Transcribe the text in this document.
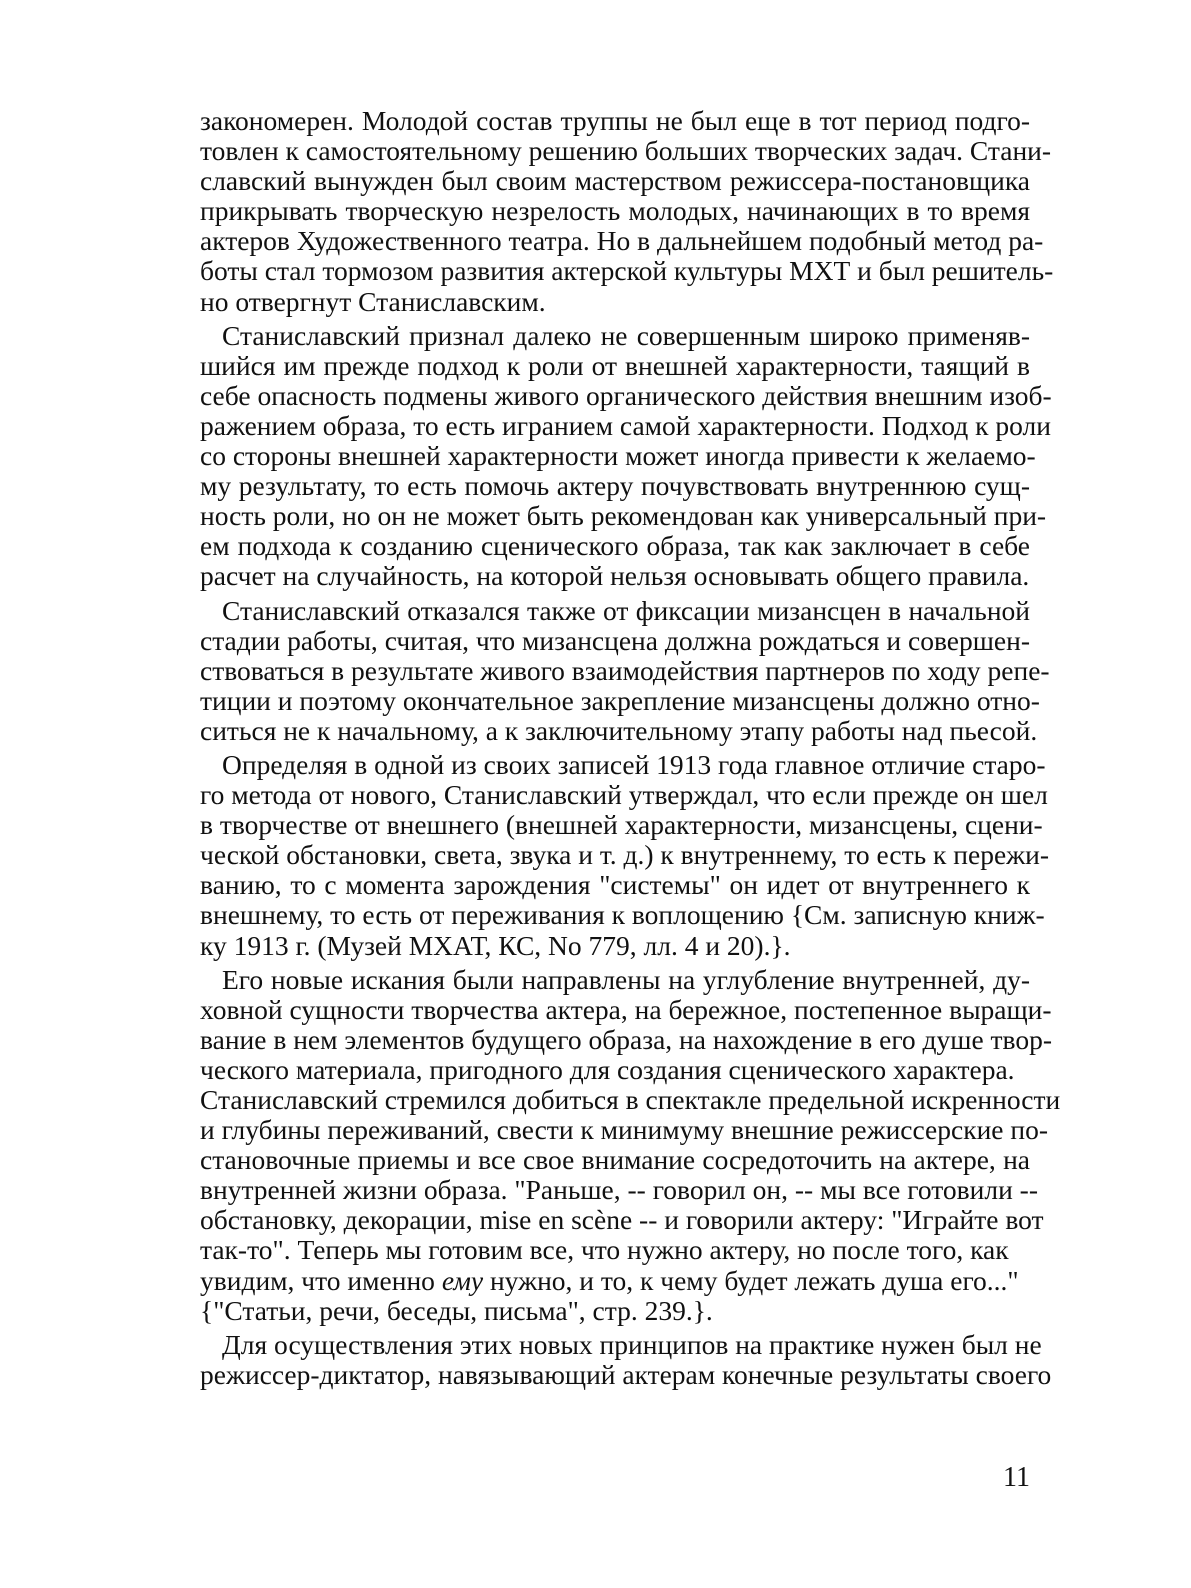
закономерен. Молодой состав труппы не был еще в тот период подго-
товлен к самостоятельному решению больших творческих задач. Стани-
славский вынужден был своим мастерством режиссера-постановщика
прикрывать творческую незрелость молодых, начинающих в то время
актеров Художественного театра. Но в дальнейшем подобный метод ра-
боты стал тормозом развития актерской культуры МХТ и был решитель-
но отвергнут Станиславским.
Станиславский признал далеко не совершенным широко применяв-
шийся им прежде подход к роли от внешней характерности, таящий в
себе опасность подмены живого органического действия внешним изоб-
ражением образа, то есть игранием самой характерности. Подход к роли
со стороны внешней характерности может иногда привести к желаемо-
му результату, то есть помочь актеру почувствовать внутреннюю сущ-
ность роли, но он не может быть рекомендован как универсальный при-
ем подхода к созданию сценического образа, так как заключает в себе
расчет на случайность, на которой нельзя основывать общего правила.
Станиславский отказался также от фиксации мизансцен в начальной
стадии работы, считая, что мизансцена должна рождаться и совершен-
ствоваться в результате живого взаимодействия партнеров по ходу репе-
тиции и поэтому окончательное закрепление мизансцены должно отно-
ситься не к начальному, а к заключительному этапу работы над пьесой.
Определяя в одной из своих записей 1913 года главное отличие старо-
го метода от нового, Станиславский утверждал, что если прежде он шел
в творчестве от внешнего (внешней характерности, мизансцены, сцени-
ческой обстановки, света, звука и т. д.) к внутреннему, то есть к пережи-
ванию, то с момента зарождения "системы" он идет от внутреннего к
внешнему, то есть от переживания к воплощению {См. записную книж-
ку 1913 г. (Музей МХАТ, КС, No 779, лл. 4 и 20).}.
Его новые искания были направлены на углубление внутренней, ду-
ховной сущности творчества актера, на бережное, постепенное выращи-
вание в нем элементов будущего образа, на нахождение в его душе твор-
ческого материала, пригодного для создания сценического характера.
Станиславский стремился добиться в спектакле предельной искренности
и глубины переживаний, свести к минимуму внешние режиссерские по-
становочные приемы и все свое внимание сосредоточить на актере, на
внутренней жизни образа. "Раньше, -- говорил он, -- мы все готовили --
обстановку, декорации, mise en scène -- и говорили актеру: "Играйте вот
так-то". Теперь мы готовим все, что нужно актеру, но после того, как
увидим, что именно ему нужно, и то, к чему будет лежать душа его..."
{"Статьи, речи, беседы, письма", стр. 239.}.
Для осуществления этих новых принципов на практике нужен был не
режиссер-диктатор, навязывающий актерам конечные результаты своего
11
